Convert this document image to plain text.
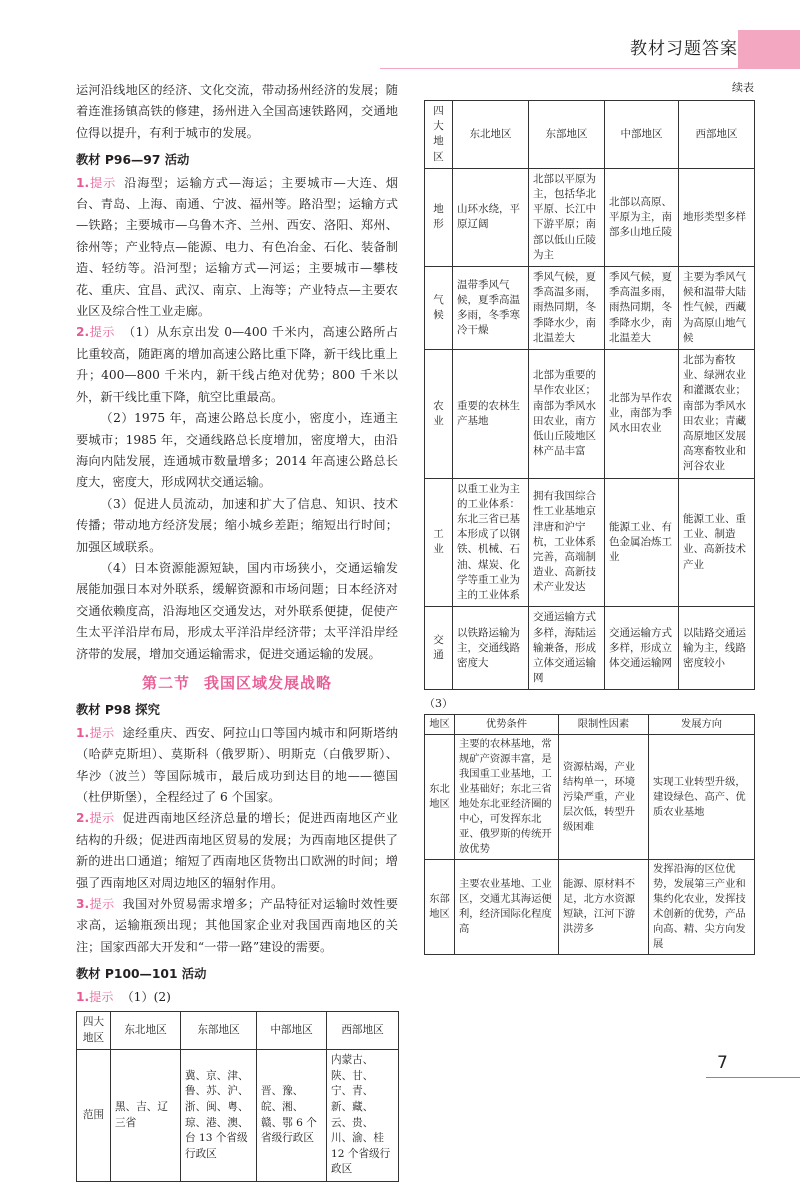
教材习题答案

运河沿线地区的经济、文化交流，带动扬州经济的发展；随着连淮扬镇高铁的修建，扬州进入全国高速铁路网，交通地位得以提升，有利于城市的发展。

教材 P96—97 活动

1.提示 沿海型；运输方式—海运；主要城市—大连、烟台、青岛、上海、南通、宁波、福州等。路沿型；运输方式—铁路；主要城市—乌鲁木齐、兰州、西安、洛阳、郑州、徐州等；产业特点—能源、电力、有色冶金、石化、装备制造、轻纺等。沿河型；运输方式—河运；主要城市—攀枝花、重庆、宜昌、武汉、南京、上海等；产业特点—主要农业区及综合性工业走廊。

2.提示 （1）从东京出发 0—400 千米内，高速公路所占比重较高，随距离的增加高速公路比重下降，新干线比重上升；400—800 千米内，新干线占绝对优势；800 千米以外，新干线比重下降，航空比重最高。

（2）1975 年，高速公路总长度小，密度小，连通主要城市；1985 年，交通线路总长度增加，密度增大，由沿海向内陆发展，连通城市数量增多；2014 年高速公路总长度大，密度大，形成网状交通运输。

（3）促进人员流动，加速和扩大了信息、知识、技术传播；带动地方经济发展；缩小城乡差距；缩短出行时间；加强区域联系。

（4）日本资源能源短缺，国内市场狭小，交通运输发展能加强日本对外联系，缓解资源和市场问题；日本经济对交通依赖度高，沿海地区交通发达，对外联系便捷，促使产生太平洋沿岸布局，形成太平洋沿岸经济带；太平洋沿岸经济带的发展，增加交通运输需求，促进交通运输的发展。

第二节 我国区域发展战略
教材 P98 探究

1.提示 途经重庆、西安、阿拉山口等国内城市和阿斯塔纳（哈萨克斯坦）、莫斯科（俄罗斯）、明斯克（白俄罗斯）、华沙（波兰）等国际城市，最后成功到达目的地——德国（杜伊斯堡），全程经过了 6 个国家。

2.提示 促进西南地区经济总量的增长；促进西南地区产业结构的升级；促进西南地区贸易的发展；为西南地区提供了新的进出口通道；缩短了西南地区货物出口欧洲的时间；增强了西南地区对周边地区的辐射作用。

3.提示 我国对外贸易需求增多；产品特征对运输时效性要求高，运输瓶颈出现；其他国家企业对我国西南地区的关注；国家西部大开发和“一带一路”建设的需要。

教材 P100—101 活动

1.提示 （1）(2)

四大地区	东北地区	东部地区	中部地区	西部地区
范围	黑、吉、辽三省	冀、京、津、鲁、苏、沪、浙、闽、粤、琼、港、澳、台 13 个省级行政区	晋、豫、皖、湘、赣、鄂 6 个省级行政区	内蒙古、陕、甘、宁、青、新、藏、云、贵、川、渝、桂 12 个省级行政区
续表
四大地区	东北地区	东部地区	中部地区	西部地区
地形	山环水绕，平原辽阔	北部以平原为主，包括华北平原、长江中下游平原；南部以低山丘陵为主	北部以高原、平原为主，南部多山地丘陵	地形类型多样
气候	温带季风气候，夏季高温多雨，冬季寒冷干燥	季风气候，夏季高温多雨，雨热同期，冬季降水少，南北温差大	季风气候，夏季高温多雨，雨热同期，冬季降水少，南北温差大	主要为季风气候和温带大陆性气候，西藏为高原山地气候
农业	重要的农林生产基地	北部为重要的旱作农业区；南部为季风水田农业，南方低山丘陵地区林产品丰富	北部为旱作农业，南部为季风水田农业	北部为畜牧业、绿洲农业和灌溉农业；南部为季风水田农业；青藏高原地区发展高寒畜牧业和河谷农业
工业	以重工业为主的工业体系：东北三省已基本形成了以钢铁、机械、石油、煤炭、化学等重工业为主的工业体系	拥有我国综合性工业基地京津唐和沪宁杭，工业体系完善，高端制造业、高新技术产业发达	能源工业、有色金属冶炼工业	能源工业、重工业、制造业、高新技术产业
交通	以铁路运输为主，交通线路密度大	交通运输方式多样，海陆运输兼备，形成立体交通运输网	交通运输方式多样，形成立体交通运输网	以陆路交通运输为主，线路密度较小
（3）
地区	优势条件	限制性因素	发展方向
东北地区	主要的农林基地，常规矿产资源丰富，是我国重工业基地，工业基础好；东北三省地处东北亚经济圈的中心，可发挥东北亚、俄罗斯的传统开放优势	资源枯竭，产业结构单一，环境污染严重，产业层次低，转型升级困难	实现工业转型升级，建设绿色、高产、优质农业基地
东部地区	主要农业基地、工业区，交通尤其海运便利，经济国际化程度高	能源、原材料不足，北方水资源短缺，江河下游洪涝多	发挥沿海的区位优势，发展第三产业和集约化农业，发挥技术创新的优势，产品向高、精、尖方向发展
7
